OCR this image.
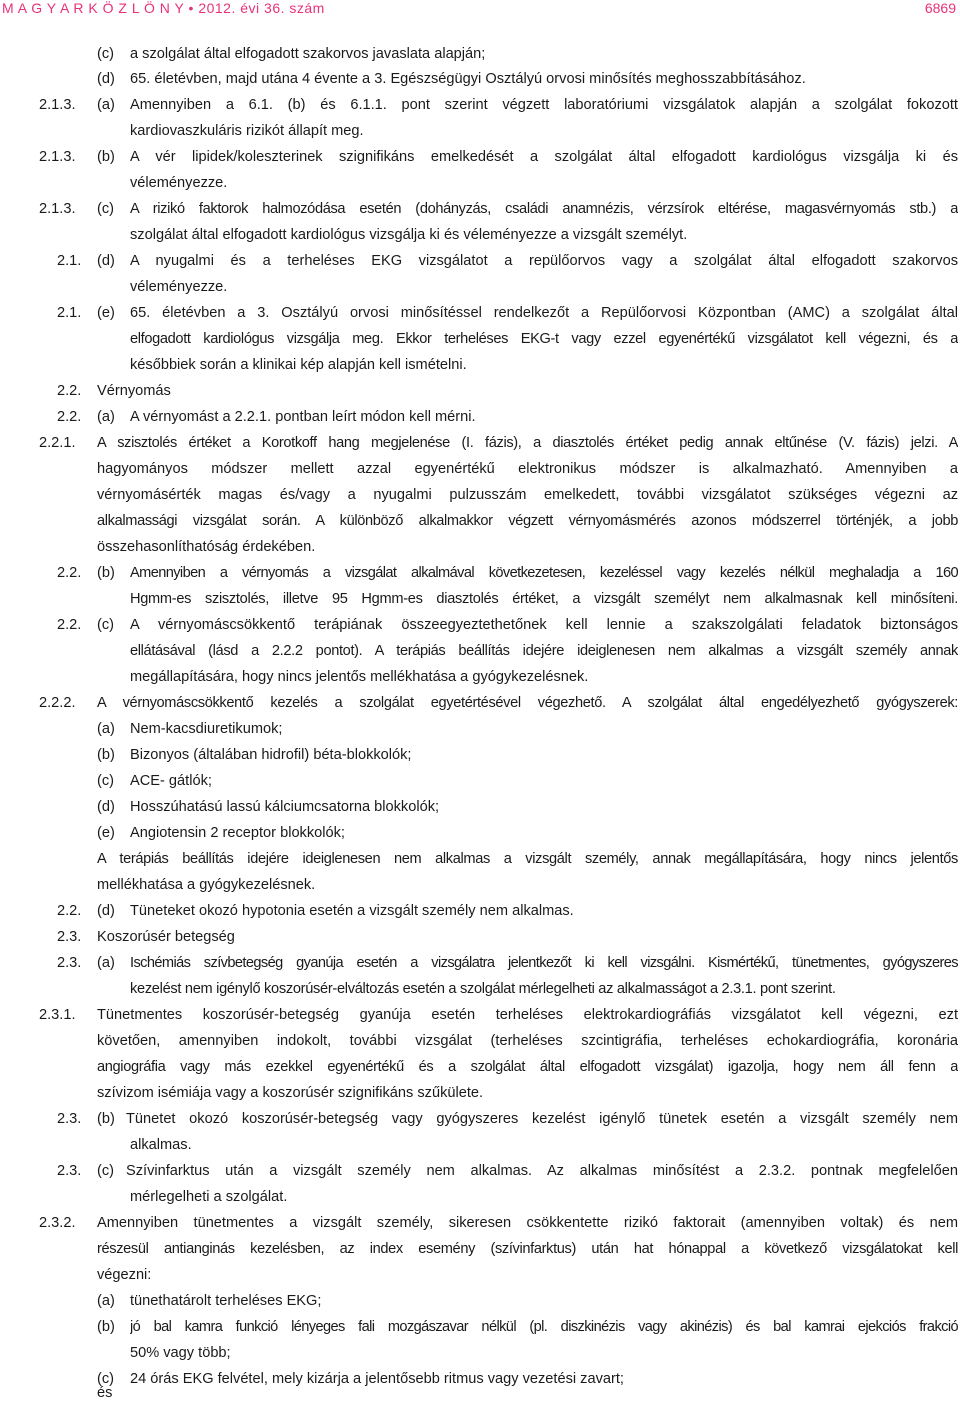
M A G Y A R K Ö Z L Ö N Y • 2012. évi 36. szám	6869
(c) a szolgálat által elfogadott szakorvos javaslata alapján;
(d) 65. életévben, majd utána 4 évente a 3. Egészségügyi Osztályú orvosi minősítés meghosszabbításához.
2.1.3. (a) Amennyiben a 6.1. (b) és 6.1.1. pont szerint végzett laboratóriumi vizsgálatok alapján a szolgálat fokozott
kardiovaszkuláris rizikót állapít meg.
2.1.3. (b) A vér lipidek/koleszterinek szignifikáns emelkedését a szolgálat által elfogadott kardiológus vizsgálja ki és
véleményezze.
2.1.3. (c) A rizikó faktorok halmozódása esetén (dohányzás, családi anamnézis, vérzsírok eltérése, magasvérnyomás stb.) a
szolgálat által elfogadott kardiológus vizsgálja ki és véleményezze a vizsgált személyt.
2.1. (d) A nyugalmi és a terheléses EKG vizsgálatot a repülőorvos vagy a szolgálat által elfogadott szakorvos
véleményezze.
2.1. (e) 65. életévben a 3. Osztályú orvosi minősítéssel rendelkezőt a Repülőorvosi Központban (AMC) a szolgálat által
elfogadott kardiológus vizsgálja meg. Ekkor terheléses EKG-t vagy ezzel egyenértékű vizsgálatot kell végezni, és a
későbbiek során a klinikai kép alapján kell ismételni.
2.2. Vérnyomás
2.2. (a) A vérnyomást a 2.2.1. pontban leírt módon kell mérni.
2.2.1. A szisztolés értéket a Korotkoff hang megjelenése (I. fázis), a diasztolés értéket pedig annak eltűnése (V. fázis) jelzi. A
hagyományos módszer mellett azzal egyenértékű elektronikus módszer is alkalmazható. Amennyiben a
vérnyomásérték magas és/vagy a nyugalmi pulzusszám emelkedett, további vizsgálatot szükséges végezni az
alkalmassági vizsgálat során. A különböző alkalmakkor végzett vérnyomásmérés azonos módszerrel történjék, a jobb
összehasonlíthatóság érdekében.
2.2. (b) Amennyiben a vérnyomás a vizsgálat alkalmával következetesen, kezeléssel vagy kezelés nélkül meghaladja a 160
Hgmm-es szisztolés, illetve 95 Hgmm-es diasztolés értéket, a vizsgált személyt nem alkalmasnak kell minősíteni.
2.2. (c) A vérnyomáscsökkentő terápiának összeegyeztethetőnek kell lennie a szakszolgálati feladatok biztonságos
ellátásával (lásd a 2.2.2 pontot). A terápiás beállítás idejére ideiglenesen nem alkalmas a vizsgált személy annak
megállapítására, hogy nincs jelentős mellékhatása a gyógykezelésnek.
2.2.2. A vérnyomáscsökkentő kezelés a szolgálat egyetértésével végezhető. A szolgálat által engedélyezhető gyógyszerek:
(a) Nem-kacsdiuretikumok;
(b) Bizonyos (általában hidrofil) béta-blokkolók;
(c) ACE- gátlók;
(d) Hosszúhatású lassú kálciumcsatorna blokkolók;
(e) Angiotensin 2 receptor blokkolók;
A terápiás beállítás idejére ideiglenesen nem alkalmas a vizsgált személy, annak megállapítására, hogy nincs jelentős
mellékhatása a gyógykezelésnek.
2.2. (d) Tüneteket okozó hypotonia esetén a vizsgált személy nem alkalmas.
2.3. Koszorúsér betegség
2.3. (a) Ischémiás szívbetegség gyanúja esetén a vizsgálatra jelentkezőt ki kell vizsgálni. Kismértékű, tünetmentes, gyógyszeres
kezelést nem igénylő koszorúsér-elváltozás esetén a szolgálat mérlegelheti az alkalmasságot a 2.3.1. pont szerint.
2.3.1. Tünetmentes koszorúsér-betegség gyanúja esetén terheléses elektrokardiográfiás vizsgálatot kell végezni, ezt
követően, amennyiben indokolt, további vizsgálat (terheléses szcintigráfia, terheléses echokardiográfia, koronária
angiográfia vagy más ezekkel egyenértékű és a szolgálat által elfogadott vizsgálat) igazolja, hogy nem áll fenn a
szívizom isémiája vagy a koszorúsér szignifikáns szűkülete.
2.3. (b) Tünetet okozó koszorúsér-betegség vagy gyógyszeres kezelést igénylő tünetek esetén a vizsgált személy nem
alkalmas.
2.3. (c) Szívinfarktus után a vizsgált személy nem alkalmas. Az alkalmas minősítést a 2.3.2. pontnak megfelelően
mérlegelheti a szolgálat.
2.3.2. Amennyiben tünetmentes a vizsgált személy, sikeresen csökkentette rizikó faktorait (amennyiben voltak) és nem
részesül antianginás kezelésben, az index esemény (szívinfarktus) után hat hónappal a következő vizsgálatokat kell
végezni:
(a) tünethatárolt terheléses EKG;
(b) jó bal kamra funkció lényeges fali mozgászavar nélkül (pl. diszkinézis vagy akinézis) és bal kamrai ejekciós frakció
50% vagy több;
(c) 24 órás EKG felvétel, mely kizárja a jelentősebb ritmus vagy vezetési zavart;
és
